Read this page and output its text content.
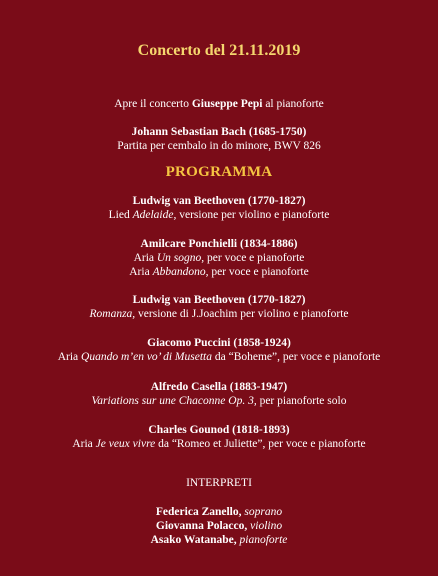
Concerto del 21.11.2019
Apre il concerto Giuseppe Pepi al pianoforte
Johann Sebastian Bach (1685-1750)
Partita per cembalo in do minore, BWV 826
PROGRAMMA
Ludwig van Beethoven (1770-1827)
Lied Adelaide, versione per violino e pianoforte
Amilcare Ponchielli (1834-1886)
Aria Un sogno, per voce e pianoforte
Aria Abbandono, per voce e pianoforte
Ludwig van Beethoven (1770-1827)
Romanza, versione di J.Joachim per violino e pianoforte
Giacomo Puccini (1858-1924)
Aria Quando m’en vo’ di Musetta da “Boheme”, per voce e pianoforte
Alfredo Casella (1883-1947)
Variations sur une Chaconne Op. 3, per pianoforte solo
Charles Gounod (1818-1893)
Aria Je veux vivre da “Romeo et Juliette”, per voce e pianoforte
INTERPRETI
Federica Zanello, soprano
Giovanna Polacco, violino
Asako Watanabe, pianoforte
